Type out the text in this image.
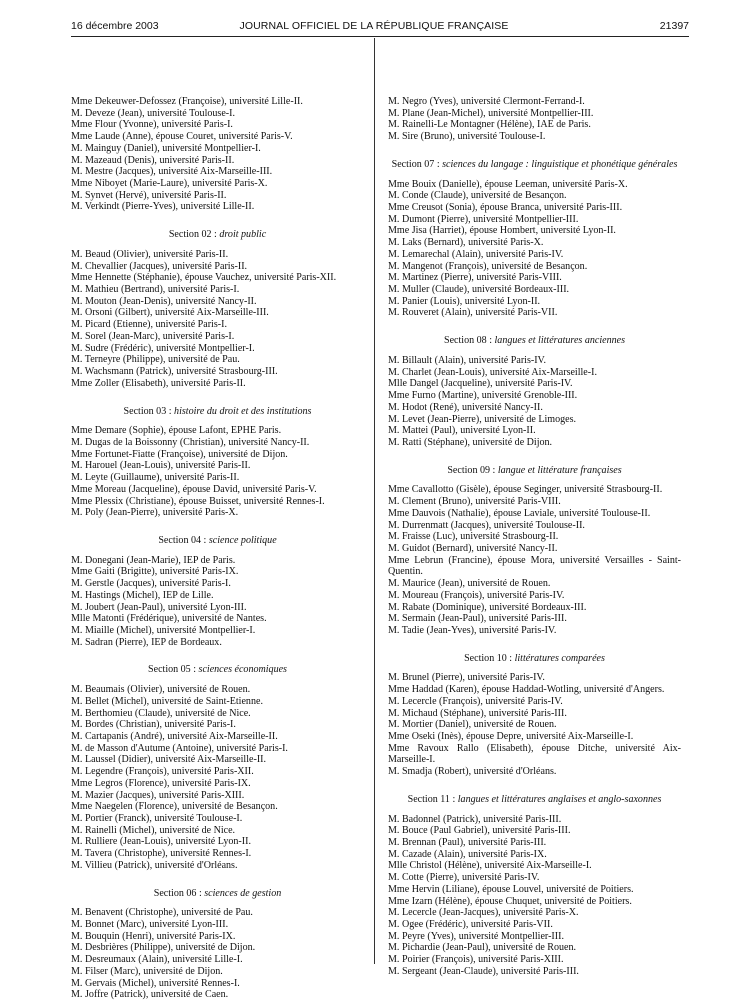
16 décembre 2003	JOURNAL OFFICIEL DE LA RÉPUBLIQUE FRANÇAISE	21397
Mme Dekeuwer-Defossez (Françoise), université Lille-II.
M. Deveze (Jean), université Toulouse-I.
Mme Flour (Yvonne), université Paris-I.
Mme Laude (Anne), épouse Couret, université Paris-V.
M. Mainguy (Daniel), université Montpellier-I.
M. Mazeaud (Denis), université Paris-II.
M. Mestre (Jacques), université Aix-Marseille-III.
Mme Niboyet (Marie-Laure), université Paris-X.
M. Synvet (Hervé), université Paris-II.
M. Verkindt (Pierre-Yves), université Lille-II.
Section 02 : droit public
M. Beaud (Olivier), université Paris-II.
M. Chevallier (Jacques), université Paris-II.
Mme Hennette (Stéphanie), épouse Vauchez, université Paris-XII.
M. Mathieu (Bertrand), université Paris-I.
M. Mouton (Jean-Denis), université Nancy-II.
M. Orsoni (Gilbert), université Aix-Marseille-III.
M. Picard (Etienne), université Paris-I.
M. Sorel (Jean-Marc), université Paris-I.
M. Sudre (Frédéric), université Montpellier-I.
M. Terneyre (Philippe), université de Pau.
M. Wachsmann (Patrick), université Strasbourg-III.
Mme Zoller (Elisabeth), université Paris-II.
Section 03 : histoire du droit et des institutions
Mme Demare (Sophie), épouse Lafont, EPHE Paris.
M. Dugas de la Boissonny (Christian), université Nancy-II.
Mme Fortunet-Fiatte (Françoise), université de Dijon.
M. Harouel (Jean-Louis), université Paris-II.
M. Leyte (Guillaume), université Paris-II.
Mme Moreau (Jacqueline), épouse David, université Paris-V.
Mme Plessix (Christiane), épouse Buisset, université Rennes-I.
M. Poly (Jean-Pierre), université Paris-X.
Section 04 : science politique
M. Donegani (Jean-Marie), IEP de Paris.
Mme Gaiti (Brigitte), université Paris-IX.
M. Gerstle (Jacques), université Paris-I.
M. Hastings (Michel), IEP de Lille.
M. Joubert (Jean-Paul), université Lyon-III.
Mlle Matonti (Frédérique), université de Nantes.
M. Miaille (Michel), université Montpellier-I.
M. Sadran (Pierre), IEP de Bordeaux.
Section 05 : sciences économiques
M. Beaumais (Olivier), université de Rouen.
M. Bellet (Michel), université de Saint-Etienne.
M. Berthomieu (Claude), université de Nice.
M. Bordes (Christian), université Paris-I.
M. Cartapanis (André), université Aix-Marseille-II.
M. de Masson d'Autume (Antoine), université Paris-I.
M. Laussel (Didier), université Aix-Marseille-II.
M. Legendre (François), université Paris-XII.
Mme Legros (Florence), université Paris-IX.
M. Mazier (Jacques), université Paris-XIII.
Mme Naegelen (Florence), université de Besançon.
M. Portier (Franck), université Toulouse-I.
M. Rainelli (Michel), université de Nice.
M. Rulliere (Jean-Louis), université Lyon-II.
M. Tavera (Christophe), université Rennes-I.
M. Villieu (Patrick), université d'Orléans.
Section 06 : sciences de gestion
M. Benavent (Christophe), université de Pau.
M. Bonnet (Marc), université Lyon-III.
M. Bouquin (Henri), université Paris-IX.
M. Desbrières (Philippe), université de Dijon.
M. Desreumaux (Alain), université Lille-I.
M. Filser (Marc), université de Dijon.
M. Gervais (Michel), université Rennes-I.
M. Joffre (Patrick), université de Caen.
M. Negro (Yves), université Clermont-Ferrand-I.
M. Plane (Jean-Michel), université Montpellier-III.
M. Rainelli-Le Montagner (Hélène), IAE de Paris.
M. Sire (Bruno), université Toulouse-I.
Section 07 : sciences du langage : linguistique et phonétique générales
Mme Bouix (Danielle), épouse Leeman, université Paris-X.
M. Conde (Claude), université de Besançon.
Mme Creusot (Sonia), épouse Branca, université Paris-III.
M. Dumont (Pierre), université Montpellier-III.
Mme Jisa (Harriet), épouse Hombert, université Lyon-II.
M. Laks (Bernard), université Paris-X.
M. Lemarechal (Alain), université Paris-IV.
M. Mangenot (François), université de Besançon.
M. Martinez (Pierre), université Paris-VIII.
M. Muller (Claude), université Bordeaux-III.
M. Panier (Louis), université Lyon-II.
M. Rouveret (Alain), université Paris-VII.
Section 08 : langues et littératures anciennes
M. Billault (Alain), université Paris-IV.
M. Charlet (Jean-Louis), université Aix-Marseille-I.
Mlle Dangel (Jacqueline), université Paris-IV.
Mme Furno (Martine), université Grenoble-III.
M. Hodot (René), université Nancy-II.
M. Levet (Jean-Pierre), université de Limoges.
M. Mattei (Paul), université Lyon-II.
M. Ratti (Stéphane), université de Dijon.
Section 09 : langue et littérature françaises
Mme Cavallotto (Gisèle), épouse Seginger, université Strasbourg-II.
M. Clement (Bruno), université Paris-VIII.
Mme Dauvois (Nathalie), épouse Laviale, université Toulouse-II.
M. Durrenmatt (Jacques), université Toulouse-II.
M. Fraisse (Luc), université Strasbourg-II.
M. Guidot (Bernard), université Nancy-II.
Mme Lebrun (Francine), épouse Mora, université Versailles - Saint-Quentin.
M. Maurice (Jean), université de Rouen.
M. Moureau (François), université Paris-IV.
M. Rabate (Dominique), université Bordeaux-III.
M. Sermain (Jean-Paul), université Paris-III.
M. Tadie (Jean-Yves), université Paris-IV.
Section 10 : littératures comparées
M. Brunel (Pierre), université Paris-IV.
Mme Haddad (Karen), épouse Haddad-Wotling, université d'Angers.
M. Lecercle (François), université Paris-IV.
M. Michaud (Stéphane), université Paris-III.
M. Mortier (Daniel), université de Rouen.
Mme Oseki (Inès), épouse Depre, université Aix-Marseille-I.
Mme Ravoux Rallo (Elisabeth), épouse Ditche, université Aix-Marseille-I.
M. Smadja (Robert), université d'Orléans.
Section 11 : langues et littératures anglaises et anglo-saxonnes
M. Badonnel (Patrick), université Paris-III.
M. Bouce (Paul Gabriel), université Paris-III.
M. Brennan (Paul), université Paris-III.
M. Cazade (Alain), université Paris-IX.
Mlle Christol (Hélène), université Aix-Marseille-I.
M. Cotte (Pierre), université Paris-IV.
Mme Hervin (Liliane), épouse Louvel, université de Poitiers.
Mme Izarn (Hélène), épouse Chuquet, université de Poitiers.
M. Lecercle (Jean-Jacques), université Paris-X.
M. Ogee (Frédéric), université Paris-VII.
M. Peyre (Yves), université Montpellier-III.
M. Pichardie (Jean-Paul), université de Rouen.
M. Poirier (François), université Paris-XIII.
M. Sergeant (Jean-Claude), université Paris-III.
